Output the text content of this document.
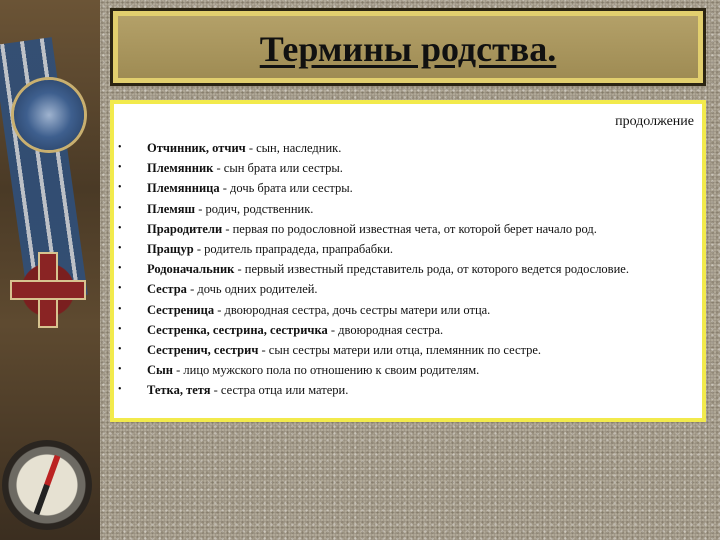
Термины родства.
продолжение
• Отчинник, отчич - сын, наследник.
• Племянник - сын брата или сестры.
• Племянница - дочь брата или сестры.
• Племяш - родич, родственник.
• Прародители - первая по родословной известная чета, от которой берет начало род.
• Пращур - родитель прапрадеда, прапрабабки.
• Родоначальник - первый известный представитель рода, от которого ведется родословие.
• Сестра - дочь одних родителей.
• Сестреница - двоюродная сестра, дочь сестры матери или отца.
• Сестренка, сестрина, сестричка - двоюродная сестра.
• Сестренич, сестрич - сын сестры матери или отца, племянник по сестре.
• Сын - лицо мужского пола по отношению к своим родителям.
• Тетка, тетя - сестра отца или матери.
